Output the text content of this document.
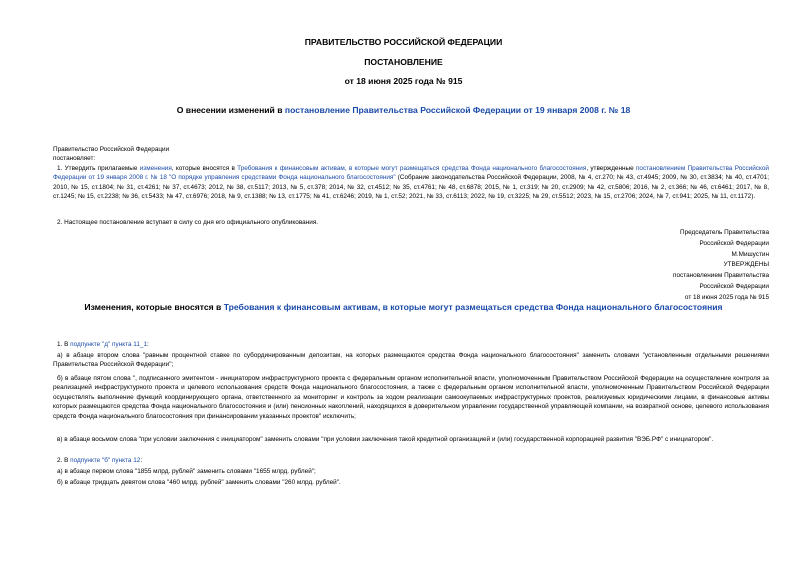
ПРАВИТЕЛЬСТВО РОССИЙСКОЙ ФЕДЕРАЦИИ
ПОСТАНОВЛЕНИЕ
от 18 июня 2025 года № 915
О внесении изменений в постановление Правительства Российской Федерации от 19 января 2008 г. № 18
Правительство Российской Федерации
постановляет:
1. Утвердить прилагаемые изменения, которые вносятся в Требования к финансовым активам, в которые могут размещаться средства Фонда национального благосостояния, утвержденные постановлением Правительства Российской Федерации от 19 января 2008 г. № 18 "О порядке управления средствами Фонда национального благосостояния" (Собрание законодательства Российской Федерации, 2008, № 4, ст.270; № 43, ст.4945; 2009, № 30, ст.3834; № 40, ст.4701; 2010, № 15, ст.1804; № 31, ст.4261; № 37, ст.4673; 2012, № 38, ст.5117; 2013, № 5, ст.378; 2014, № 32, ст.4512; № 35, ст.4761; № 48, ст.6878; 2015, № 1, ст.319; № 20, ст.2909; № 42, ст.5806; 2016, № 2, ст.366; № 46, ст.6461; 2017, № 8, ст.1245; № 15, ст.2238; № 36, ст.5433; № 47, ст.6976; 2018, № 9, ст.1388; № 13, ст.1775; № 41, ст.6246; 2019, № 1, ст.52; 2021, № 33, ст.6113; 2022, № 19, ст.3225; № 29, ст.5512; 2023, № 15, ст.2706; 2024, № 7, ст.941; 2025, № 11, ст.1172).
2. Настоящее постановление вступает в силу со дня его официального опубликования.
Председатель Правительства
Российской Федерации
М.Мишустин
УТВЕРЖДЕНЫ
постановлением Правительства
Российской Федерации
от 18 июня 2025 года № 915
Изменения, которые вносятся в Требования к финансовым активам, в которые могут размещаться средства Фонда национального благосостояния
1. В подпункте "д" пункта 11_1:
а) в абзаце втором слова "равным процентной ставке по субординированным депозитам, на которых размещаются средства Фонда национального благосостояния" заменить словами "установленным отдельными решениями Правительства Российской Федерации";
б) в абзаце пятом слова ", подписанного эмитентом - инициатором инфраструктурного проекта с федеральным органом исполнительной власти, уполномоченным Правительством Российской Федерации на осуществление контроля за реализацией инфраструктурного проекта и целевого использования средств Фонда национального благосостояния, а также с федеральным органом исполнительной власти, уполномоченным Правительством Российской Федерации осуществлять выполнение функций координирующего органа, ответственного за мониторинг и контроль за ходом реализации самоокупаемых инфраструктурных проектов, реализуемых юридическими лицами, в финансовые активы которых размещаются средства Фонда национального благосостояния и (или) пенсионных накоплений, находящихся в доверительном управлении государственной управляющей компании, на возвратной основе, целевого использования средств Фонда национального благосостояния при финансировании указанных проектов" исключить;
в) в абзаце восьмом слова "при условии заключения с инициатором" заменить словами "при условии заключения такой кредитной организацией и (или) государственной корпорацией развития "ВЭБ.РФ" с инициатором".
2. В подпункте "б" пункта 12:
а) в абзаце первом слова "1855 млрд. рублей" заменить словами "1655 млрд. рублей";
б) в абзаце тридцать девятом слова "460 млрд. рублей" заменить словами "260 млрд. рублей".
